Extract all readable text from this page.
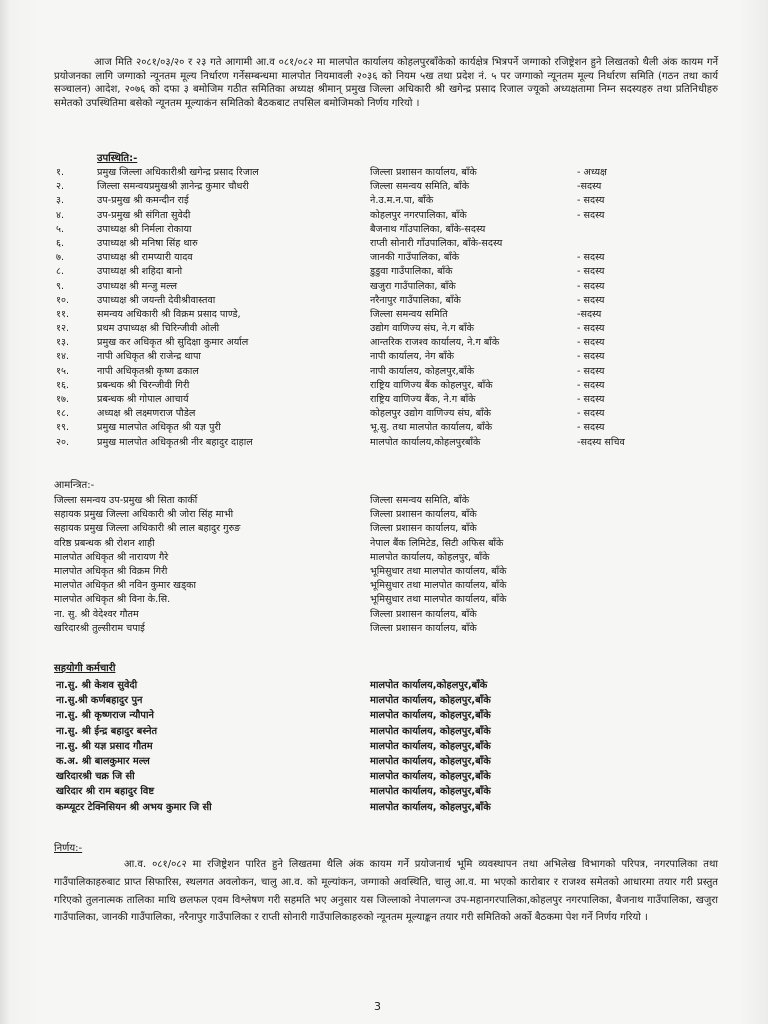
आज मिति २०८१/०३/२० र २३ गते आगामी आ.व ०८१/०८२ मा मालपोत कार्यालय कोहलपुरबाँकेको कार्यक्षेत्र भित्रपर्ने जग्गाको रजिष्ट्रेशन हुने लिखतको थैली अंक कायम गर्ने प्रयोजनका लागि जग्गाको न्यूनतम मूल्य निर्धारण गर्नेसम्बन्धमा मालपोत नियमावली २०३६ को नियम ५ख तथा प्रदेश नं. ५ पर जग्गाको न्यूनतम मूल्य निर्धारण समिति (गठन तथा कार्य सञ्चालन) आदेश, २०७६ को दफा ३ बमोजिम गठीत समितिका अध्यक्ष श्रीमान् प्रमुख जिल्ला अधिकारी श्री खगेन्द्र प्रसाद रिजाल ज्यूको अध्यक्षतामा निम्न सदस्यहरु तथा प्रतिनिधीहरु समेतको उपस्थितिमा बसेको न्यूनतम मूल्याकंन समितिको बैठकबाट तपसिल बमोजिमको निर्णय गरियो ।

उपस्थिति:-
१.	प्रमुख जिल्ला अधिकारीश्री खगेन्द्र प्रसाद रिजाल	जिल्ला प्रशासन कार्यालय, बाँके	- अध्यक्ष
२.	जिल्ला समन्वयप्रमुखश्री ज्ञानेन्द्र कुमार चौधरी	जिल्ला समन्वय समिति, बाँके	-सदस्य
३.	उप-प्रमुख श्री कमन्दीन राई	ने.उ.म.न.पा, बाँके	- सदस्य
४.	उप-प्रमुख श्री संगिता सुवेदी	कोहलपुर नगरपालिका, बाँके	- सदस्य
५.	उपाध्यक्ष श्री निर्मला रोकाया	बैजनाथ गाँउपालिका, बाँके-सदस्य
६.	उपाध्यक्ष श्री मनिषा सिंह थारु	राप्ती सोनारी गाँउपालिका, बाँके-सदस्य
७.	उपाध्यक्ष श्री रामप्यारी यादव	जानकी गाउँपालिका, बाँके	- सदस्य
८.	उपाध्यक्ष श्री शहिदा बानो	डुडुवा गाउँपालिका, बाँके	- सदस्य
९.	उपाध्यक्ष श्री मन्जु मल्ल	खजुरा गाउँपालिका, बाँके	- सदस्य
१०.	उपाध्यक्ष श्री जयन्ती देवीश्रीवास्तवा	नरैनापुर गाउँपालिका, बाँके	- सदस्य
११.	समन्वय अधिकारी श्री विक्रम प्रसाद पाण्डे,	जिल्ला समन्वय समिति	-सदस्य
१२.	प्रथम उपाध्यक्ष श्री चिरिन्जीवी ओली	उद्योग वाणिज्य संघ, ने.ग बाँके	- सदस्य
१३.	प्रमुख कर अधिकृत श्री सुदिक्षा कुमार अर्याल	आन्तरिक राजश्व कार्यालय, ने.ग बाँके	- सदस्य
१४.	नापी अधिकृत श्री राजेन्द्र थापा	नापी कार्यालय, नेग बाँके	- सदस्य
१५.	नापी अधिकृतश्री कृष्ण ढकाल	नापी कार्यालय, कोहलपुर,बाँके	- सदस्य
१६.	प्रबन्धक श्री चिरन्जीवी गिरी	राष्ट्रिय वाणिज्य बैंक कोहलपुर, बाँके	- सदस्य
१७.	प्रबन्धक श्री गोपाल आचार्य	राष्ट्रिय वाणिज्य बैंक, ने.ग बाँके	- सदस्य
१८.	अध्यक्ष श्री लक्ष्मणराज पौडेल	कोहलपुर उद्योग वाणिज्य संघ, बाँके	- सदस्य
१९.	प्रमुख मालपोत अधिकृत श्री यज्ञ पुरी	भू.सु. तथा मालपोत कार्यालय, बाँके	- सदस्य
२०.	प्रमुख मालपोत अधिकृतश्री नीर बहादुर दाहाल	मालपोत कार्यालय,कोहलपुरबाँके	-सदस्य सचिव
आमन्त्रित:-
जिल्ला समन्वय उप-प्रमुख श्री सिता कार्की	जिल्ला समन्वय समिति, बाँके
सहायक प्रमुख जिल्ला अधिकारी श्री जोरा सिंह माभी	जिल्ला प्रशासन कार्यालय, बाँके
सहायक प्रमुख जिल्ला अधिकारी श्री लाल बहादुर गुरुङ	जिल्ला प्रशासन कार्यालय, बाँके
वरिष्ठ प्रबन्धक श्री रोशन शाही	नेपाल बैंक लिमिटेड, सिटी अफिस बाँके
मालपोत अधिकृत श्री नारायण गैरे	मालपोत कार्यालय, कोहलपुर, बाँके
मालपोत अधिकृत श्री विक्रम गिरी	भूमिसुधार तथा मालपोत कार्यालय, बाँके
मालपोत अधिकृत श्री नविन कुमार खड्का	भूमिसुधार तथा मालपोत कार्यालय, बाँके
मालपोत अधिकृत श्री विना के.सि.	भूमिसुधार तथा मालपोत कार्यालय, बाँके
ना. सु. श्री वेदेश्वर गौतम	जिल्ला प्रशासन कार्यालय, बाँके
खरिदारश्री तुल्सीराम चपाई	जिल्ला प्रशासन कार्यालय, बाँके
सहयोगी कर्मचारी
ना.सु. श्री केशव सुवेदी	मालपोत कार्यालय,कोहलपुर,बाँके
ना.सु.श्री कर्णबहादुर पुन	मालपोत कार्यालय, कोहलपुर,बाँके
ना.सु. श्री कृष्णराज न्यौपाने	मालपोत कार्यालय, कोहलपुर,बाँके
ना.सु. श्री ईन्द्र बहादुर बस्नेत	मालपोत कार्यालय, कोहलपुर,बाँके
ना.सु. श्री यज्ञ प्रसाद गौतम	मालपोत कार्यालय, कोहलपुर,बाँके
क.अ. श्री बालकुमार मल्ल	मालपोत कार्यालय, कोहलपुर,बाँके
खरिदारश्री चक्र जि सी	मालपोत कार्यालय, कोहलपुर,बाँके
खरिदार श्री राम बहादुर विष्ट	मालपोत कार्यालय, कोहलपुर,बाँके
कम्प्यूटर टेक्निसियन श्री अभय कुमार जि सी	मालपोत कार्यालय, कोहलपुर,बाँके
निर्णय:-

आ.व. ०८१/०८२ मा रजिष्ट्रेशन पारित हुने लिखतमा थैलि अंक कायम गर्ने प्रयोजनार्थ भूमि व्यवस्थापन तथा अभिलेख विभागको परिपत्र, नगरपालिका तथा गाउँपालिकाहरुबाट प्राप्त सिफारिस, स्थलगत अवलोकन, चालु आ.व. को मूल्यांकन, जग्गाको अवस्थिति, चालु आ.व. मा भएको कारोबार र राजश्व समेतको आधारमा तयार गरी प्रस्तुत गरिएको तुलनात्मक तालिका माथि छलफल एवम विश्लेषण गरी सहमति भए अनुसार यस जिल्लाको नेपालगन्ज उप-महानगरपालिका,कोहलपुर नगरपालिका, बैजनाथ गाउँपालिका, खजुरा गाउँपालिका, जानकी गाउँपालिका, नरैनापुर गाउँपालिका र राप्ती सोनारी गाउँपालिकाहरुको न्यूनतम मूल्याङ्कन तयार गरी समितिको अर्को बैठकमा पेश गर्ने निर्णय गरियो ।

3
